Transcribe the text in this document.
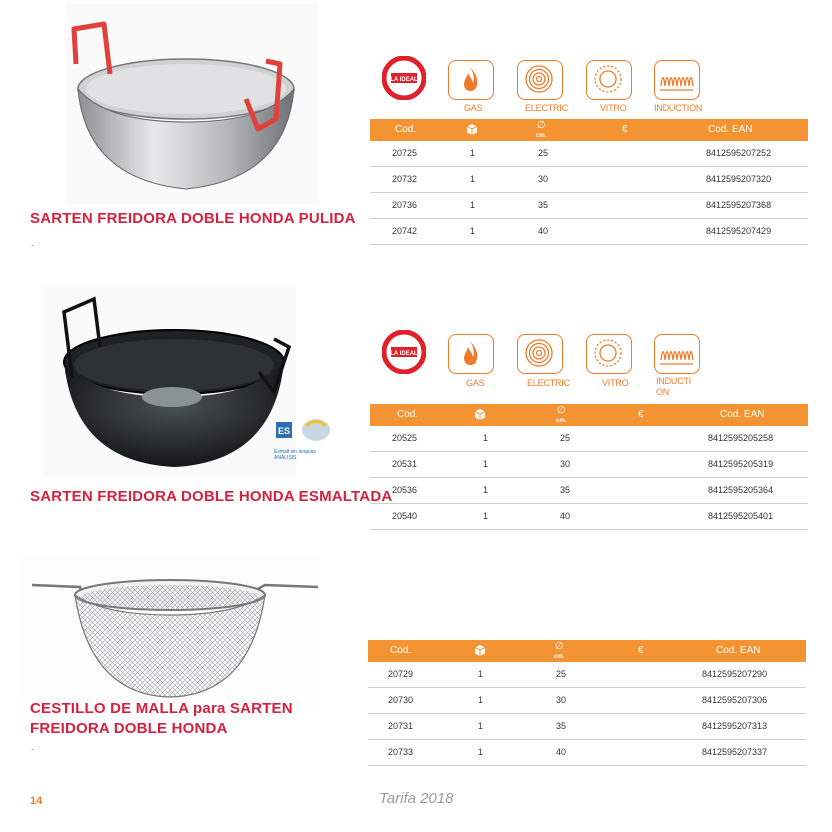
SARTEN FREIDORA DOBLE HONDA PULIDA
.
LA IDEAL
GAS	ELECTRIC	VITRO	INDUCTION
Cod.	∅
cm.
€	Cod. EAN
20725	1	25	8412595207252
20732	1	30	8412595207320
20736	1	35	8412595207368
20742	1	40	8412595207429
ES
Esmalt sin lenguas
ANÁLISIS
SARTEN FREIDORA DOBLE HONDA ESMALTADA
LA IDEAL
GAS	ELECTRIC	VITRO	INDUCTI
ON
Cod.	∅
cm.
€	Cod. EAN
20525	1	25	8412595205258
20531	1	30	8412595205319
20536	1	35	8412595205364
20540	1	40	8412595205401
CESTILLO DE MALLA para SARTEN
FREIDORA DOBLE HONDA
.
Cod.	∅
cm.
€	Cod. EAN
20729	1	25	8412595207290
20730	1	30	8412595207306
20731	1	35	8412595207313
20733	1	40	8412595207337
14	Tarifa 2018
